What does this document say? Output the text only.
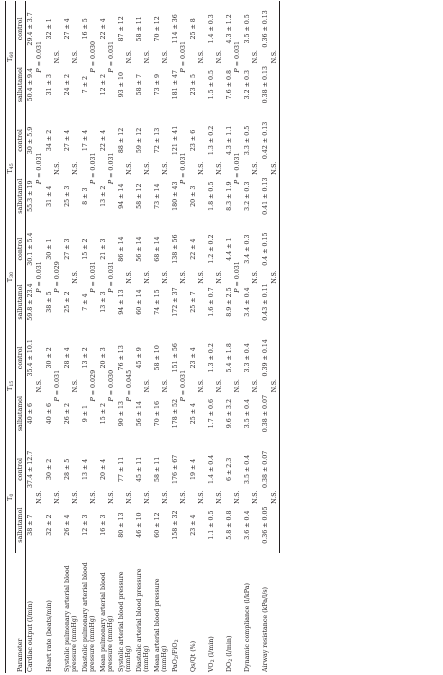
	$T_0$		$T_{15}$		$T_{30}$		$T_{45}$		$T_{60}$
Parameter	salbutamol	control	salbutamol	control	salbutamol	control	salbutamol	control	salbutamol	control
Cardiac output (l/min)	38 ± 7	37.4 ± 12.7	40 ± 6	35.4 ± 10.1	59.8 ± 23.4	30.1 ± 5.4	55.3 ± 19	30 ± 5.9	50.4 ± 9.4	29.4 ± 3.7
	N.S.		N.S.		P = 0.031		P = 0.031		P = 0.031	
Heart rate (beats/min)	32 ± 2	30 ± 2	40 ± 6	30 ± 2	38 ± 5	30 ± 1	31 ± 4	34 ± 2	31 ± 3	32 ± 1
	N.S.		P = 0.031		P = 0.029		N.S.		N.S.	
Systolic pulmonary arterial blood pressure (mmHg)	26 ± 4	28 ± 5	26 ± 2	28 ± 4	25 ± 2	27 ± 3	25 ± 3	27 ± 4	24 ± 2	27 ± 4
	N.S.		N.S.		N.S.		N.S.		N.S.	
Diastolic pulmonary arterial blood pressure (mmHg)	12 ± 3	13 ± 4	9 ± 1	13 ± 2	7 ± 4	15 ± 2	8 ± 3	17 ± 4	7 ± 2	16 ± 5
	N.S.		P = 0.029		P = 0.031		P = 0.031		P = 0.030	
Mean pulmonary arterial blood pressure (mmHg)	16 ± 3	20 ± 4	15 ± 2	20 ± 3	13 ± 3	21 ± 3	13 ± 2	22 ± 4	12 ± 2	22 ± 4
	N.S.		P = 0.030		P = 0.031		P = 0.031		P = 0.031	
Systolic arterial blood pressure (mmHg)	80 ± 13	77 ± 11	90 ± 13	76 ± 13	94 ± 13	86 ± 14	94 ± 14	88 ± 12	93 ± 10	87 ± 12
	N.S.		P = 0.045		N.S.		N.S.		N.S.	
Diastolic arterial blood pressure (mmHg)	46 ± 10	45 ± 11	56 ± 14	45 ± 9	60 ± 14	56 ± 14	58 ± 12	59 ± 12	58 ± 7	58 ± 11
	N.S.		N.S.		N.S.		N.S.		N.S.	
Mean arterial blood pressure (mmHg)	60 ± 12	58 ± 11	70 ± 16	58 ± 10	74 ± 15	68 ± 14	73 ± 14	72 ± 13	73 ± 9	70 ± 12
	N.S.		N.S.		N.S.		N.S.		N.S.	
PaO$_2$/FiO$_2$	158 ± 32	176 ± 67	178 ± 52	151 ± 56	172 ± 37	138 ± 56	180 ± 43	121 ± 41	181 ± 47	114 ± 36
	N.S.		P = 0.031		N.S.		P = 0.031		P = 0.031	
Qs/Qt (%)	23 ± 4	19 ± 4	25 ± 4	23 ± 4	25 ± 7	22 ± 4	20 ± 3	23 ± 6	23 ± 5	25 ± 8
	N.S.		N.S.		N.S.		N.S.		N.S.	
$VO_2$ (l/min)	1.1 ± 0.5	1.4 ± 0.4	1.7 ± 0.6	1.3 ± 0.2	1.6 ± 0.7	1.2 ± 0.2	1.8 ± 0.5	1.3 ± 0.2	1.5 ± 0.5	1.4 ± 0.3
	N.S.		N.S.		N.S.		N.S.		N.S.	
$DO_2$ (l/min)	5.8 ± 0.8	6 ± 2.3	9.6 ± 3.2	5.4 ± 1.8	8.9 ± 2.5	4.4 ± 1	8.3 ± 1.9	4.3 ± 1.1	7.6 ± 0.8	4.3 ± 1.2
	N.S.		N.S.		P = 0.031		P = 0.031		P = 0.031	
Dynamic compliance (l/kPa)	3.6 ± 0.4	3.5 ± 0.4	3.5 ± 0.4	3.3 ± 0.4	3.4 ± 0.4	3.4 ± 0.3	3.2 ± 0.3	3.3 ± 0.5	3.2 ± 0.3	3.5 ± 0.5
	N.S.		N.S.		N.S.		N.S.		N.S.	
Airway resistance (kPa/l/s)	0.36 ± 0.05	0.38 ± 0.07	0.38 ± 0.07	0.39 ± 0.14	0.43 ± 0.11	0.4 ± 0.15	0.41 ± 0.13	0.42 ± 0.13	0.38 ± 0.13	0.36 ± 0.13
	N.S.		N.S.		N.S.		N.S.		N.S.	
